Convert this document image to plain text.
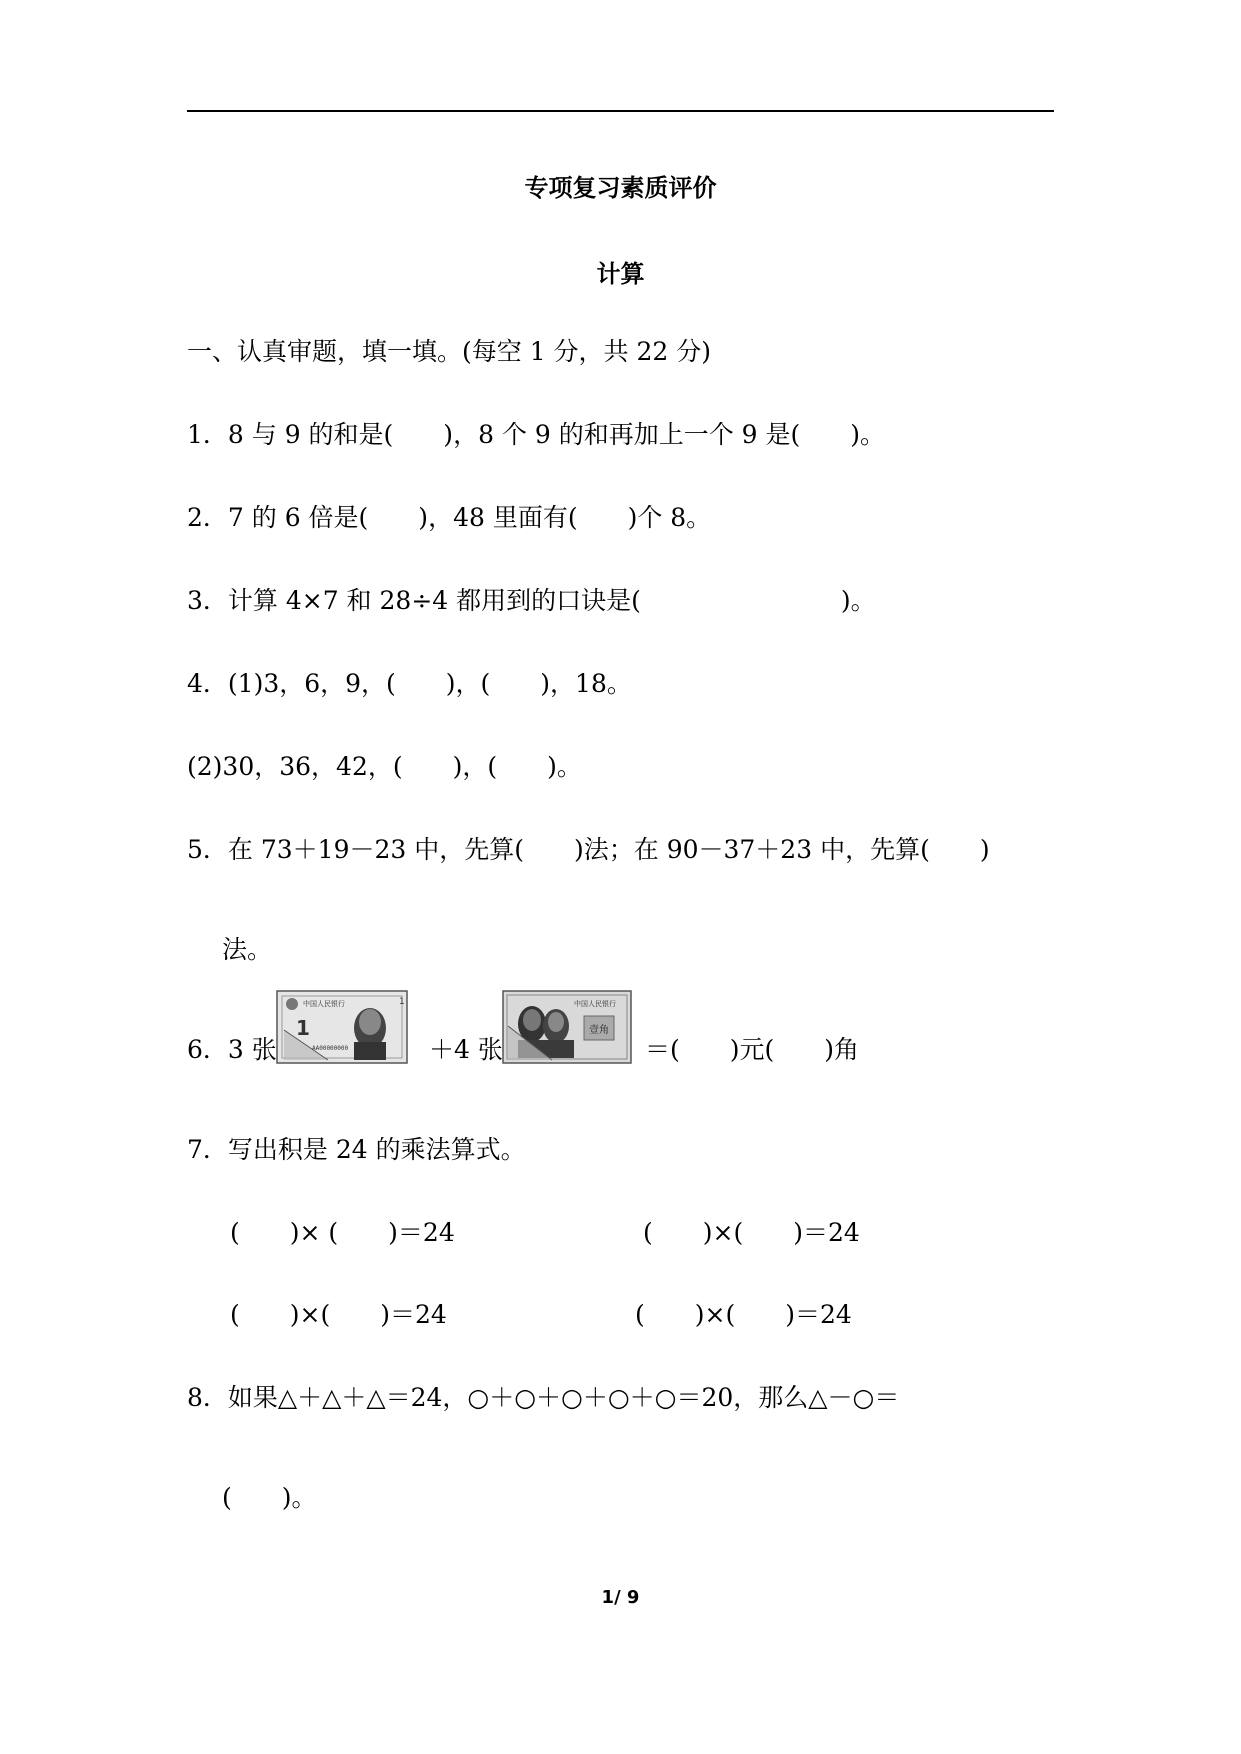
专项复习素质评价
计算
一、认真审题，填一填。(每空 1 分，共 22 分)
1．8 与 9 的和是(　　)，8 个 9 的和再加上一个 9 是(　　)。
2．7 的 6 倍是(　　)，48 里面有(　　)个 8。
3．计算 4×7 和 28÷4 都用到的口诀是(　　　　　　　　)。
4．(1)3，6，9，(　　)，(　　)，18。
(2)30，36，42，(　　)，(　　)。
5．在 73＋19－23 中，先算(　　)法；在 90－37＋23 中，先算(　　)
法。
6．3 张
中国人民银行
1
1
AA00000000	＋4 张
中国人民银行
壹角
＝(　　)元(　　)角
7．写出积是 24 的乘法算式。
(　　)× (　　)＝24	(　　)×(　　)＝24
(　　)×(　　)＝24	(　　)×(　　)＝24
8．如果△＋△＋△＝24，○＋○＋○＋○＋○＝20，那么△－○＝
(　　)。
1/ 9
